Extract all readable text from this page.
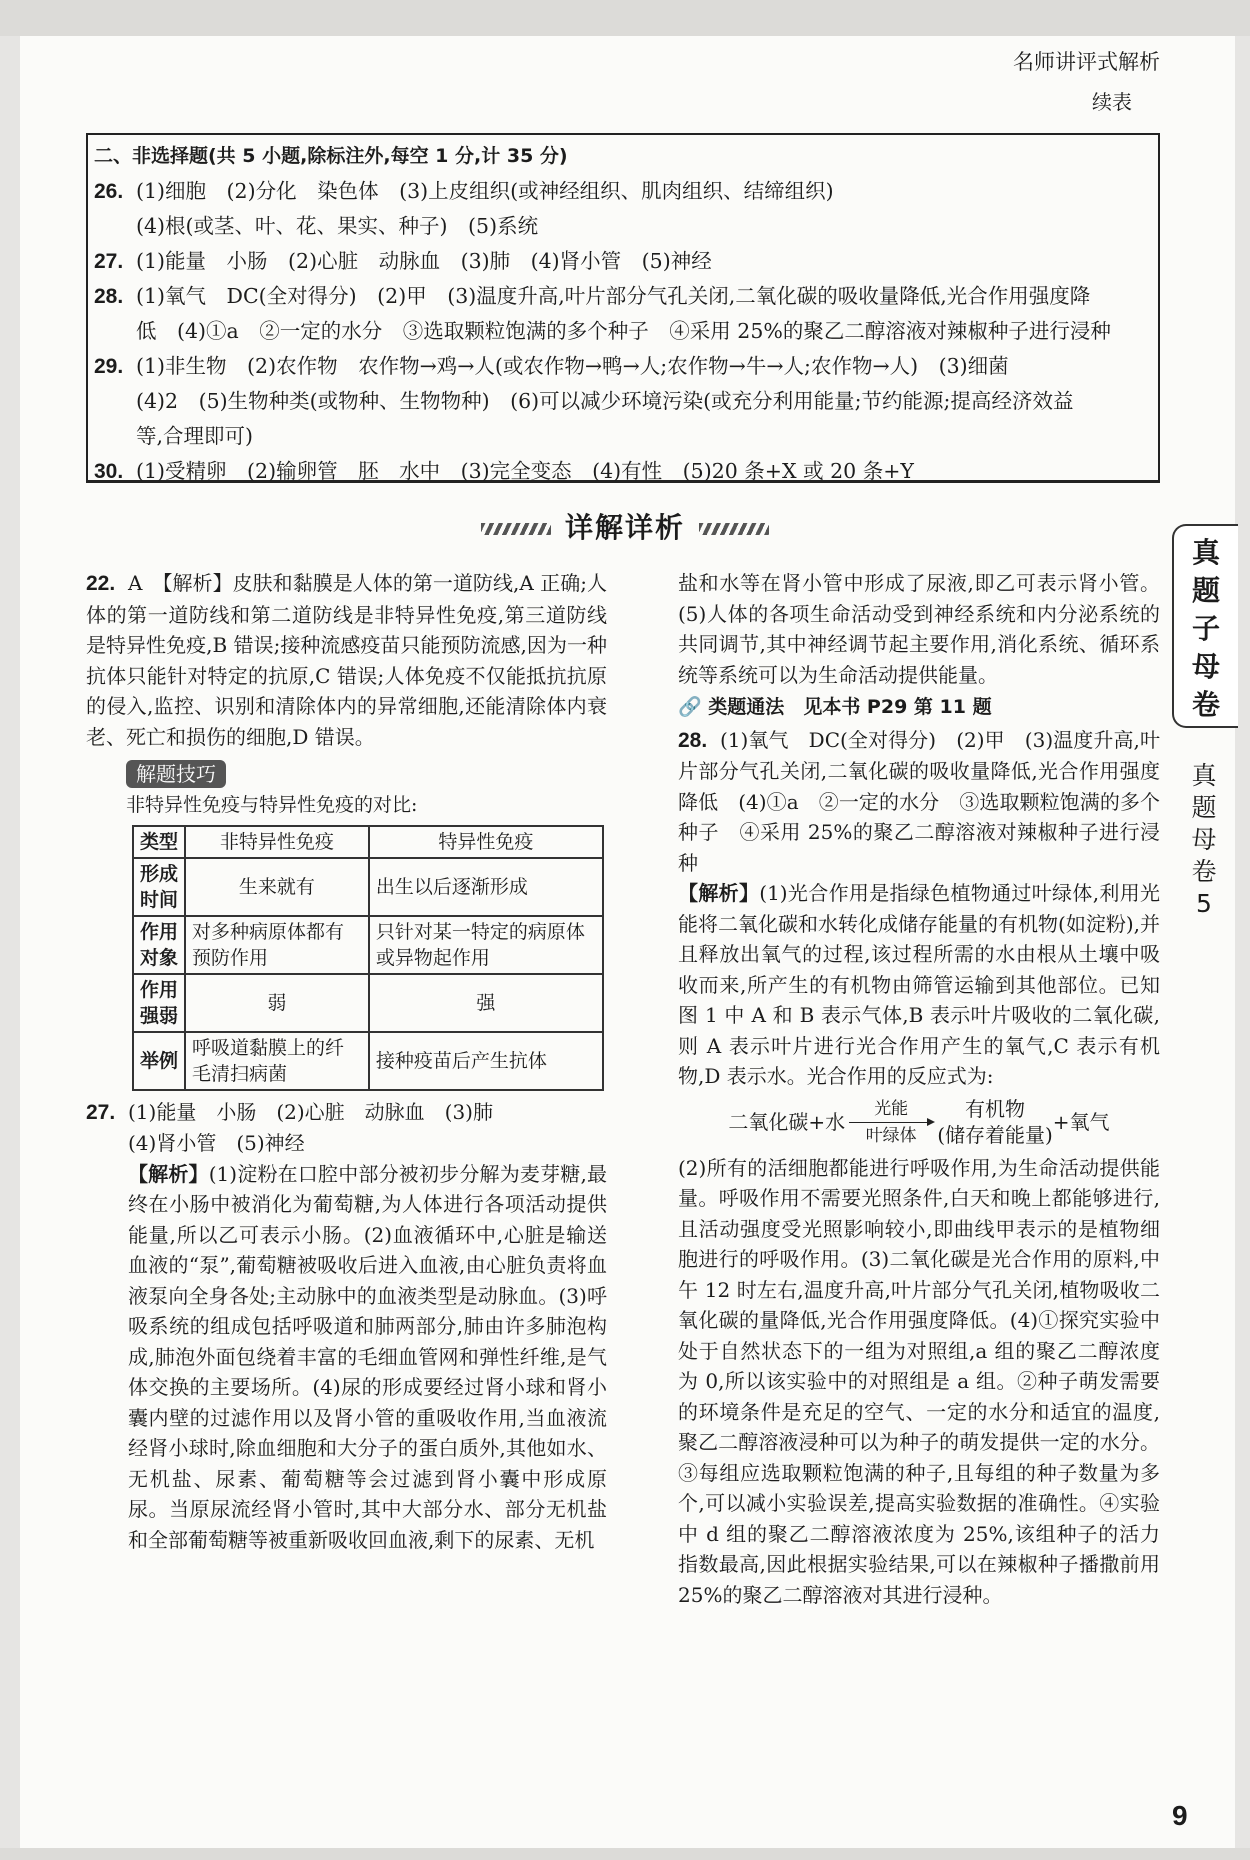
名师讲评式解析
续表
二、非选择题(共 5 小题,除标注外,每空 1 分,计 35 分)
26. (1)细胞　(2)分化　染色体　(3)上皮组织(或神经组织、肌肉组织、结缔组织)
(4)根(或茎、叶、花、果实、种子)　(5)系统
27. (1)能量　小肠　(2)心脏　动脉血　(3)肺　(4)肾小管　(5)神经
28. (1)氧气　DC(全对得分)　(2)甲　(3)温度升高,叶片部分气孔关闭,二氧化碳的吸收量降低,光合作用强度降
低　(4)①a　②一定的水分　③选取颗粒饱满的多个种子　④采用 25%的聚乙二醇溶液对辣椒种子进行浸种
29. (1)非生物　(2)农作物　农作物→鸡→人(或农作物→鸭→人;农作物→牛→人;农作物→人)　(3)细菌
(4)2　(5)生物种类(或物种、生物物种)　(6)可以减少环境污染(或充分利用能量;节约能源;提高经济效益
等,合理即可)
30. (1)受精卵　(2)输卵管　胚　水中　(3)完全变态　(4)有性　(5)20 条+X 或 20 条+Y
详解详析

22. A　【解析】皮肤和黏膜是人体的第一道防线,A 正确;人体的第一道防线和第二道防线是非特异性免疫,第三道防线是特异性免疫,B 错误;接种流感疫苗只能预防流感,因为一种抗体只能针对特定的抗原,C 错误;人体免疫不仅能抵抗抗原的侵入,监控、识别和清除体内的异常细胞,还能清除体内衰老、死亡和损伤的细胞,D 错误。

解题技巧
非特异性免疫与特异性免疫的对比:
类型	非特异性免疫	特异性免疫
形成时间	生来就有	出生以后逐渐形成
作用对象	对多种病原体都有预防作用	只针对某一特定的病原体或异物起作用
作用强弱	弱	强
举例	呼吸道黏膜上的纤毛清扫病菌	接种疫苗后产生抗体

27. (1)能量　小肠　(2)心脏　动脉血　(3)肺

(4)肾小管　(5)神经

【解析】(1)淀粉在口腔中部分被初步分解为麦芽糖,最终在小肠中被消化为葡萄糖,为人体进行各项活动提供能量,所以乙可表示小肠。(2)血液循环中,心脏是输送血液的“泵”,葡萄糖被吸收后进入血液,由心脏负责将血液泵向全身各处;主动脉中的血液类型是动脉血。(3)呼吸系统的组成包括呼吸道和肺两部分,肺由许多肺泡构成,肺泡外面包绕着丰富的毛细血管网和弹性纤维,是气体交换的主要场所。(4)尿的形成要经过肾小球和肾小囊内壁的过滤作用以及肾小管的重吸收作用,当血液流经肾小球时,除血细胞和大分子的蛋白质外,其他如水、无机盐、尿素、葡萄糖等会过滤到肾小囊中形成原尿。当原尿流经肾小管时,其中大部分水、部分无机盐和全部葡萄糖等被重新吸收回血液,剩下的尿素、无机

盐和水等在肾小管中形成了尿液,即乙可表示肾小管。(5)人体的各项生命活动受到神经系统和内分泌系统的共同调节,其中神经调节起主要作用,消化系统、循环系统等系统可以为生命活动提供能量。

🔗 类题通法　 见本书 P29 第 11 题

28. (1)氧气　DC(全对得分)　(2)甲　(3)温度升高,叶片部分气孔关闭,二氧化碳的吸收量降低,光合作用强度降低　(4)①a　②一定的水分　③选取颗粒饱满的多个种子　④采用 25%的聚乙二醇溶液对辣椒种子进行浸种

【解析】(1)光合作用是指绿色植物通过叶绿体,利用光能将二氧化碳和水转化成储存能量的有机物(如淀粉),并且释放出氧气的过程,该过程所需的水由根从土壤中吸收而来,所产生的有机物由筛管运输到其他部位。已知图 1 中 A 和 B 表示气体,B 表示叶片吸收的二氧化碳,则 A 表示叶片进行光合作用产生的氧气,C 表示有机物,D 表示水。光合作用的反应式为:

二氧化碳+水
光能
叶绿体
有机物
(储存着能量)
+氧气

(2)所有的活细胞都能进行呼吸作用,为生命活动提供能量。呼吸作用不需要光照条件,白天和晚上都能够进行,且活动强度受光照影响较小,即曲线甲表示的是植物细胞进行的呼吸作用。(3)二氧化碳是光合作用的原料,中午 12 时左右,温度升高,叶片部分气孔关闭,植物吸收二氧化碳的量降低,光合作用强度降低。(4)①探究实验中处于自然状态下的一组为对照组,a 组的聚乙二醇浓度为 0,所以该实验中的对照组是 a 组。②种子萌发需要的环境条件是充足的空气、一定的水分和适宜的温度,聚乙二醇溶液浸种可以为种子的萌发提供一定的水分。③每组应选取颗粒饱满的种子,且每组的种子数量为多个,可以减小实验误差,提高实验数据的准确性。④实验中 d 组的聚乙二醇溶液浓度为 25%,该组种子的活力指数最高,因此根据实验结果,可以在辣椒种子播撒前用 25%的聚乙二醇溶液对其进行浸种。

真题子母卷
真题母卷5
9
